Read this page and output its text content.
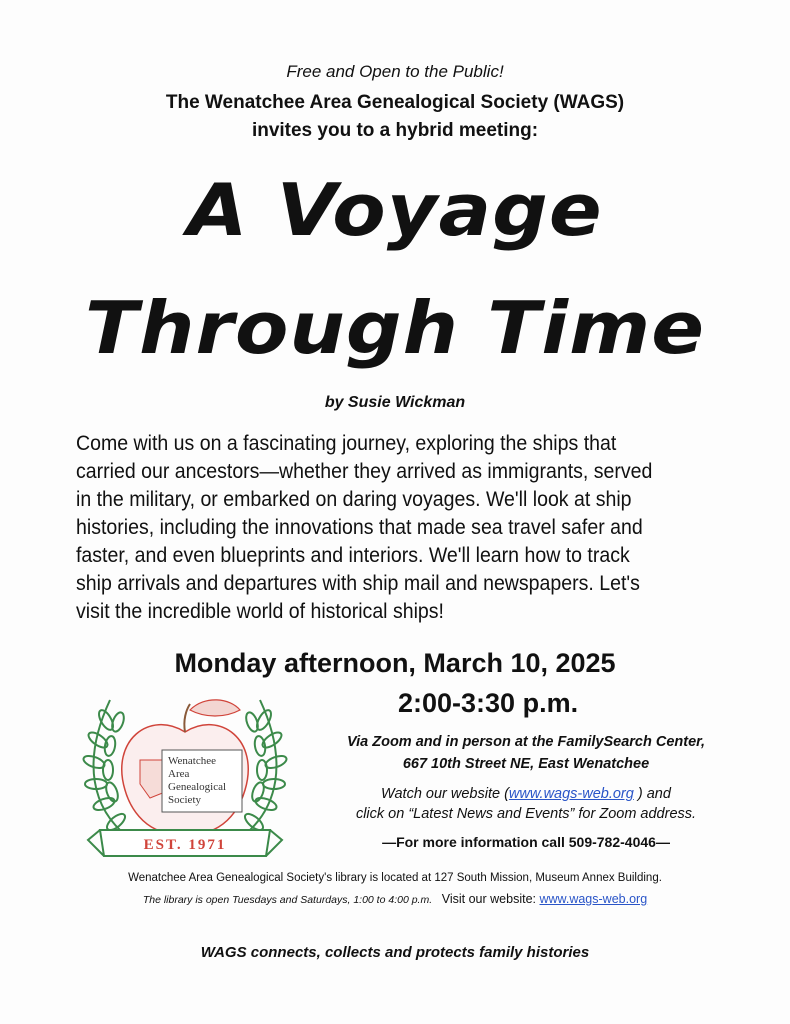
Free and Open to the Public!
The Wenatchee Area Genealogical Society (WAGS)
invites you to a hybrid meeting:
A Voyage
Through Time
by Susie Wickman
Come with us on a fascinating journey, exploring the ships that
carried our ancestors—whether they arrived as immigrants, served
in the military, or embarked on daring voyages. We'll look at ship
histories, including the innovations that made sea travel safer and
faster, and even blueprints and interiors. We'll learn how to track
ship arrivals and departures with ship mail and newspapers. Let's
visit the incredible world of historical ships!
Monday afternoon, March 10, 2025
2:00-3:30 p.m.
Wenatchee
Area
Genealogical
Society
EST. 1971
Via Zoom and in person at the FamilySearch Center,
667 10th Street NE, East Wenatchee
Watch our website (www.wags-web.org ) and
click on “Latest News and Events” for Zoom address.
—For more information call 509-782-4046—
Wenatchee Area Genealogical Society's library is located at 127 South Mission, Museum Annex Building.
The library is open Tuesdays and Saturdays, 1:00 to 4:00 p.m. Visit our website: www.wags-web.org
WAGS connects, collects and protects family histories
